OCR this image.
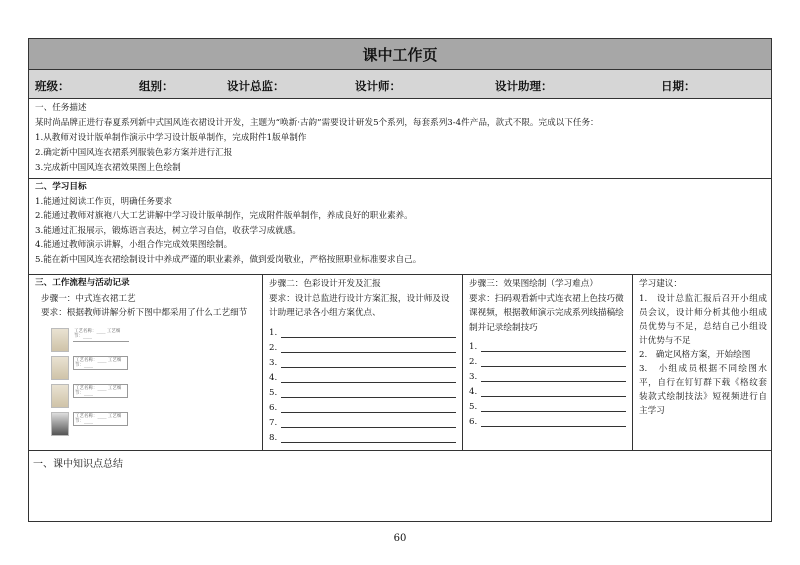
课中工作页
班级：	组别：	设计总监：	设计师：	设计助理：	日期：
一、任务描述
某时尚品牌正进行春夏系列新中式国风连衣裙设计开发，主题为“唤新·古韵”需要设计研发5个系列，每套系列3-4件产品，款式不限。完成以下任务：
1.从教师对设计版单制作演示中学习设计版单制作，完成附件1版单制作
2.确定新中国风连衣裙系列服装色彩方案并进行汇报
3.完成新中国风连衣裙效果图上色绘制
二、学习目标
1.能通过阅读工作页，明确任务要求
2.能通过教师对旗袍八大工艺讲解中学习设计版单制作，完成附件版单制作，养成良好的职业素养。
3.能通过汇报展示，锻炼语言表达，树立学习自信，收获学习成就感。
4.能通过教师演示讲解，小组合作完成效果图绘制。
5.能在新中国风连衣裙绘制设计中养成严谨的职业素养，做到爱岗敬业，严格按照职业标准要求自己。
三、工作流程与活动记录
步骤一：中式连衣裙工艺
要求：根据教师讲解分析下图中都采用了什么工艺细节
工艺名称：____ 工艺细节：____
工艺名称：____ 工艺细节：____
工艺名称：____ 工艺细节：____
工艺名称：____ 工艺细节：____
步骤二：色彩设计开发及汇报
要求：设计总监进行设计方案汇报，设计师及设计助理记录各小组方案优点、
1.
2.
3.
4.
5.
6.
7.
8.
步骤三：效果图绘制（学习难点）
要求：扫码观看新中式连衣裙上色技巧微课视频，根据教师演示完成系列线描稿绘制并记录绘制技巧
1.
2.
3.
4.
5.
6.
学习建议：
1.　设计总监汇报后召开小组成员会议，设计师分析其他小组成员优势与不足，总结自己小组设计优势与不足
2.　确定风格方案，开始绘图
3.　小组成员根据不同绘图水平，自行在钉钉群下载《格纹套装款式绘制技法》短视频进行自主学习
一、课中知识点总结
60
